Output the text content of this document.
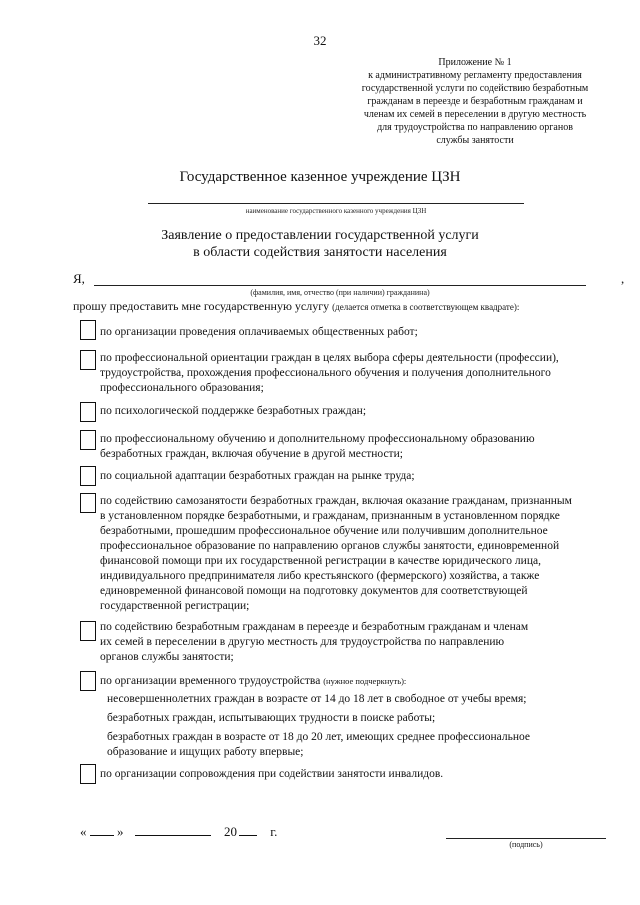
32
Приложение № 1
к административному регламенту предоставления
государственной услуги по содействию безработным
гражданам в переезде и безработным гражданам и
членам их семей в переселении в другую местность
для трудоустройства по направлению органов
службы занятости
Государственное казенное учреждение ЦЗН
наименование государственного казенного учреждения ЦЗН
Заявление о предоставлении государственной услуги
в области содействия занятости населения
Я,	,
(фамилия, имя, отчество (при наличии) гражданина)
прошу предоставить мне государственную услугу (делается отметка в соответствующем квадрате):
по организации проведения оплачиваемых общественных работ;
по профессиональной ориентации граждан в целях выбора сферы деятельности (профессии),
трудоустройства, прохождения профессионального обучения и получения дополнительного
профессионального образования;
по психологической поддержке безработных граждан;
по профессиональному обучению и дополнительному профессиональному образованию
безработных граждан, включая обучение в другой местности;
по социальной адаптации безработных граждан на рынке труда;
по содействию самозанятости безработных граждан, включая оказание гражданам, признанным
в установленном порядке безработными, и гражданам, признанным в установленном порядке
безработными, прошедшим профессиональное обучение или получившим дополнительное
профессиональное образование по направлению органов службы занятости, единовременной
финансовой помощи при их государственной регистрации в качестве юридического лица,
индивидуального предпринимателя либо крестьянского (фермерского) хозяйства, а также
единовременной финансовой помощи на подготовку документов для соответствующей
государственной регистрации;
по содействию безработным гражданам в переезде и безработным гражданам и членам
их семей в переселении в другую местность для трудоустройства по направлению
органов службы занятости;
по организации временного трудоустройства (нужное подчеркнуть):
несовершеннолетних граждан в возрасте от 14 до 18 лет в свободное от учебы время;
безработных граждан, испытывающих трудности в поиске работы;
безработных граждан в возрасте от 18 до 20 лет, имеющих среднее профессиональное
образование и ищущих работу впервые;
по организации сопровождения при содействии занятости инвалидов.
« »	20	г.
(подпись)
